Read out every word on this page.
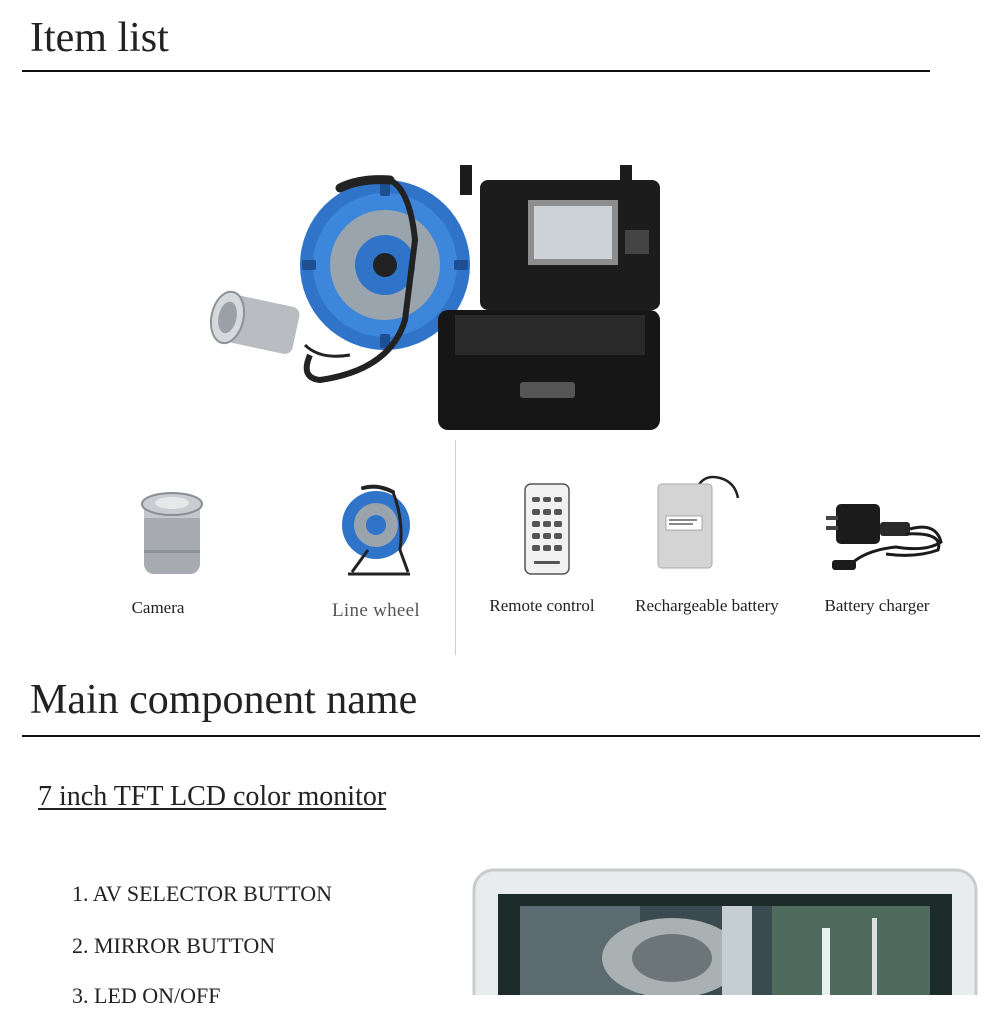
Item list
Camera	Line wheel	Remote control	Rechargeable battery	Battery charger
Main component name
7 inch TFT LCD color monitor
1. AV SELECTOR BUTTON
2. MIRROR BUTTON
3. LED ON/OFF
